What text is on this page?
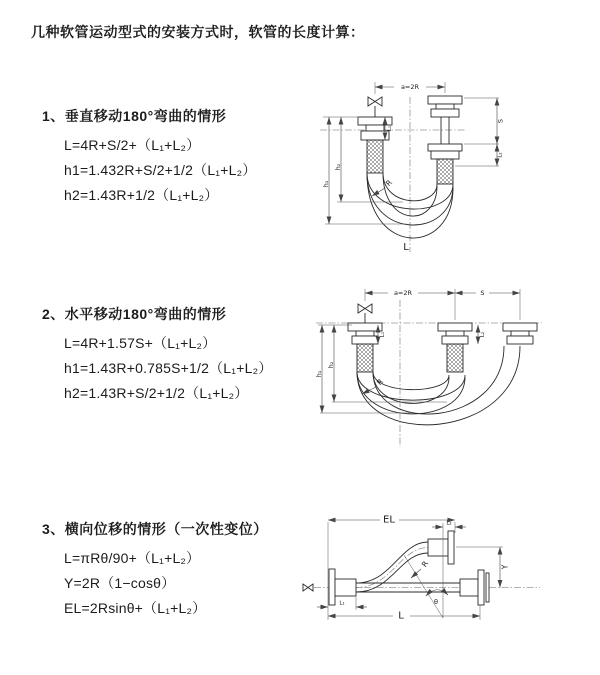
几种软管运动型式的安装方式时，软管的长度计算：
1、垂直移动180°弯曲的情形
L=4R+S/2+（L₁+L₂）
h1=1.432R+S/2+1/2（L₁+L₂）
h2=1.43R+1/2（L₁+L₂）
2、水平移动180°弯曲的情形
L=4R+1.57S+（L₁+L₂）
h1=1.43R+0.785S+1/2（L₁+L₂）
h2=1.43R+S/2+1/2（L₁+L₂）
3、横向位移的情形（一次性变位）
L=πRθ/90+（L₁+L₂）
Y=2R（1−cosθ）
EL=2Rsinθ+（L₁+L₂）
a=2R
h₁
h₂
L₁
S
L₂
R
L
a=2R	S
h₁
h₂
L₁	L₂
R
EL	L₂
Y
θ
R
L₁
L
